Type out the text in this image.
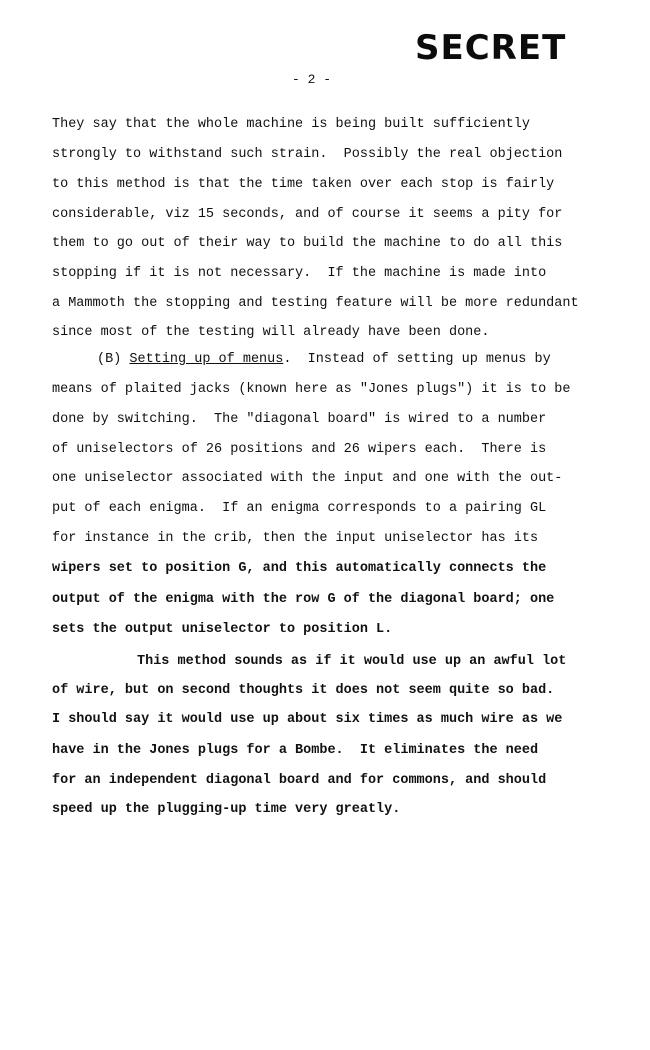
SECRET
- 2 -
They say that the whole machine is being built sufficiently
strongly to withstand such strain.  Possibly the real objection
to this method is that the time taken over each stop is fairly
considerable, viz 15 seconds, and of course it seems a pity for
them to go out of their way to build the machine to do all this
stopping if it is not necessary.  If the machine is made into
a Mammoth the stopping and testing feature will be more redundant
since most of the testing will already have been done.
(B) Setting up of menus.  Instead of setting up menus by
means of plaited jacks (known here as "Jones plugs") it is to be
done by switching.  The "diagonal board" is wired to a number
of uniselectors of 26 positions and 26 wipers each.  There is
one uniselector associated with the input and one with the out-
put of each enigma.  If an enigma corresponds to a pairing GL
for instance in the crib, then the input uniselector has its
wipers set to position G, and this automatically connects the
output of the enigma with the row G of the diagonal board; one
sets the output uniselector to position L.
This method sounds as if it would use up an awful lot
of wire, but on second thoughts it does not seem quite so bad.
I should say it would use up about six times as much wire as we
have in the Jones plugs for a Bombe.  It eliminates the need
for an independent diagonal board and for commons, and should
speed up the plugging-up time very greatly.
